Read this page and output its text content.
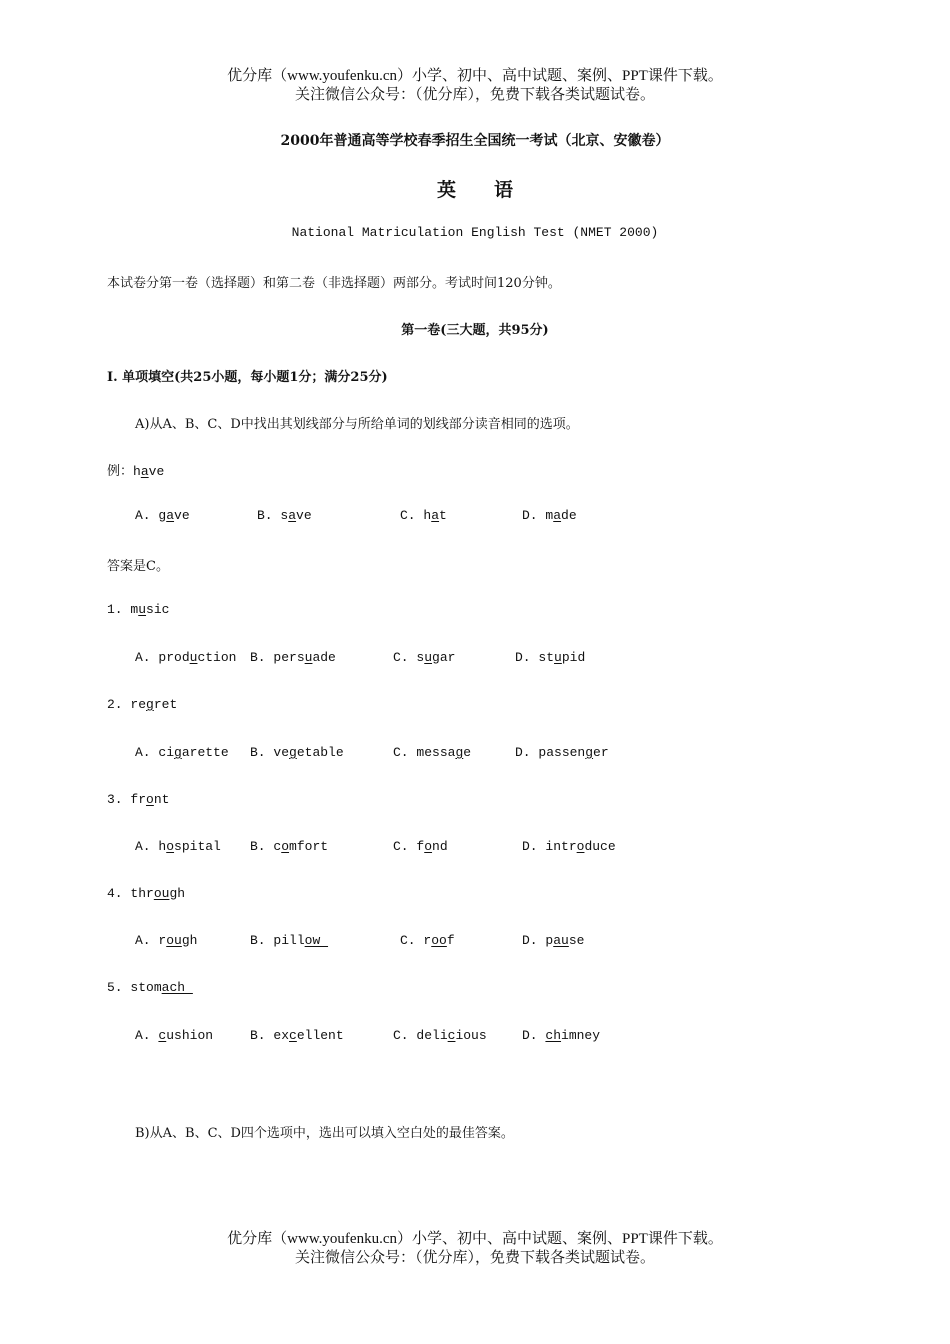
优分库（www.youfenku.cn）小学、初中、高中试题、案例、PPT课件下载。
关注微信公众号：（优分库），免费下载各类试题试卷。
2000年普通高等学校春季招生全国统一考试（北京、安徽卷）
英　　语
National Matriculation English Test (NMET 2000)
本试卷分第一卷（选择题）和第二卷（非选择题）两部分。考试时间120分钟。
第一卷(三大题，共95分)
I. 单项填空(共25小题，每小题1分；满分25分)
A)从A、B、C、D中找出其划线部分与所给单词的划线部分读音相同的选项。
例：have
A. gave	B. save	C. hat	D. made
答案是C。
1. music
A. production B. persuade	C. sugar	D. stupid
2. regret
A. cigarette B. vegetable	C. message	D. passenger
3. front
A. hospital B. comfort	C. fond	D. introduce
4. through
A. rough	B. pillow	C. roof	D. pause
5. stomach
A. cushion	B. excellent	C. delicious	D. chimney
B)从A、B、C、D四个选项中，选出可以填入空白处的最佳答案。
优分库（www.youfenku.cn）小学、初中、高中试题、案例、PPT课件下载。
关注微信公众号：（优分库），免费下载各类试题试卷。
